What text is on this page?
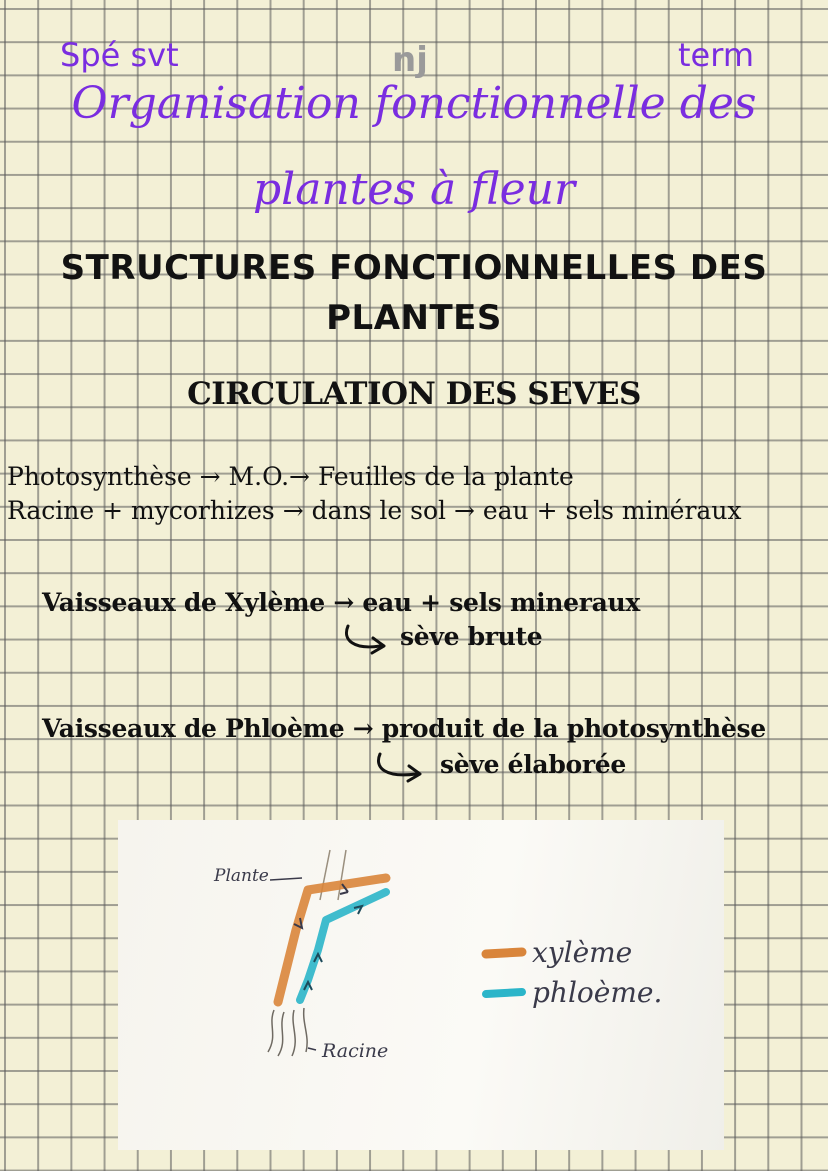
Spé svt	nj	term
Organisation fonctionnelle des
plantes à fleur
STRUCTURES FONCTIONNELLES DES
PLANTES
CIRCULATION DES SEVES
Photosynthèse → M.O.→ Feuilles de la plante
Racine + mycorhizes → dans le sol → eau + sels minéraux
Vaisseaux de Xylème → eau + sels mineraux
sève brute
Vaisseaux de Phloème → produit de la photosynthèse
sève élaborée
Plante
Racine
xylème
phloème.
